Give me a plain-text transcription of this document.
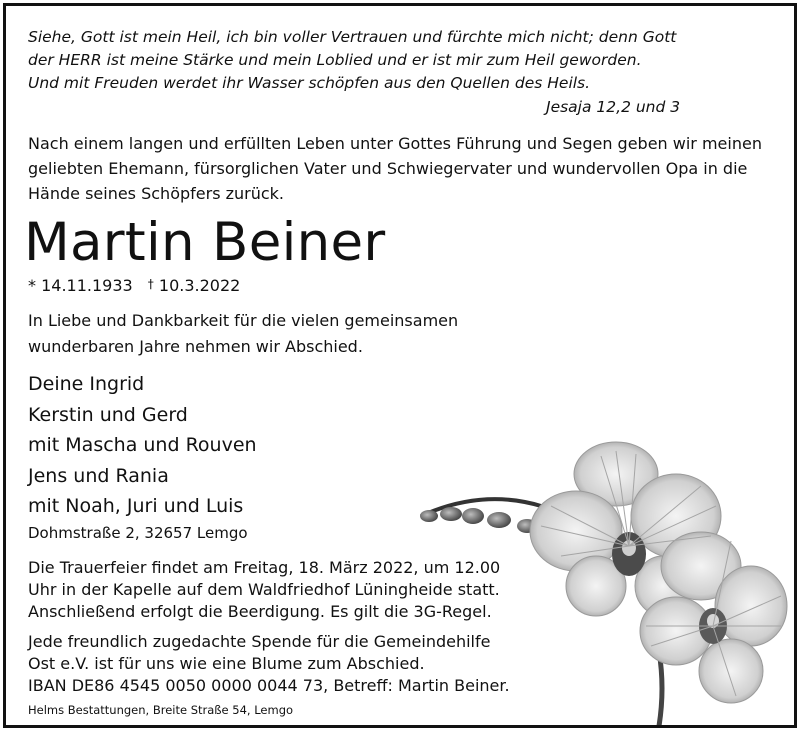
Siehe, Gott ist mein Heil, ich bin voller Vertrauen und fürchte mich nicht; denn Gott
der HERR ist meine Stärke und mein Loblied und er ist mir zum Heil geworden.
Und mit Freuden werdet ihr Wasser schöpfen aus den Quellen des Heils.
Jesaja 12,2 und 3
Nach einem langen und erfüllten Leben unter Gottes Führung und Segen geben wir meinen
geliebten Ehemann, fürsorglichen Vater und Schwiegervater und wundervollen Opa in die
Hände seines Schöpfers zurück.
Martin Beiner
* 14.11.1933 † 10.3.2022
In Liebe und Dankbarkeit für die vielen gemeinsamen
wunderbaren Jahre nehmen wir Abschied.
Deine Ingrid
Kerstin und Gerd
mit Mascha und Rouven
Jens und Rania
mit Noah, Juri und Luis
Dohmstraße 2, 32657 Lemgo
Die Trauerfeier findet am Freitag, 18. März 2022, um 12.00
Uhr in der Kapelle auf dem Waldfriedhof Lüningheide statt.
Anschließend erfolgt die Beerdigung. Es gilt die 3G-Regel.
Jede freundlich zugedachte Spende für die Gemeindehilfe
Ost e.V. ist für uns wie eine Blume zum Abschied.
IBAN DE86 4545 0050 0000 0044 73, Betreff: Martin Beiner.
Helms Bestattungen, Breite Straße 54, Lemgo
